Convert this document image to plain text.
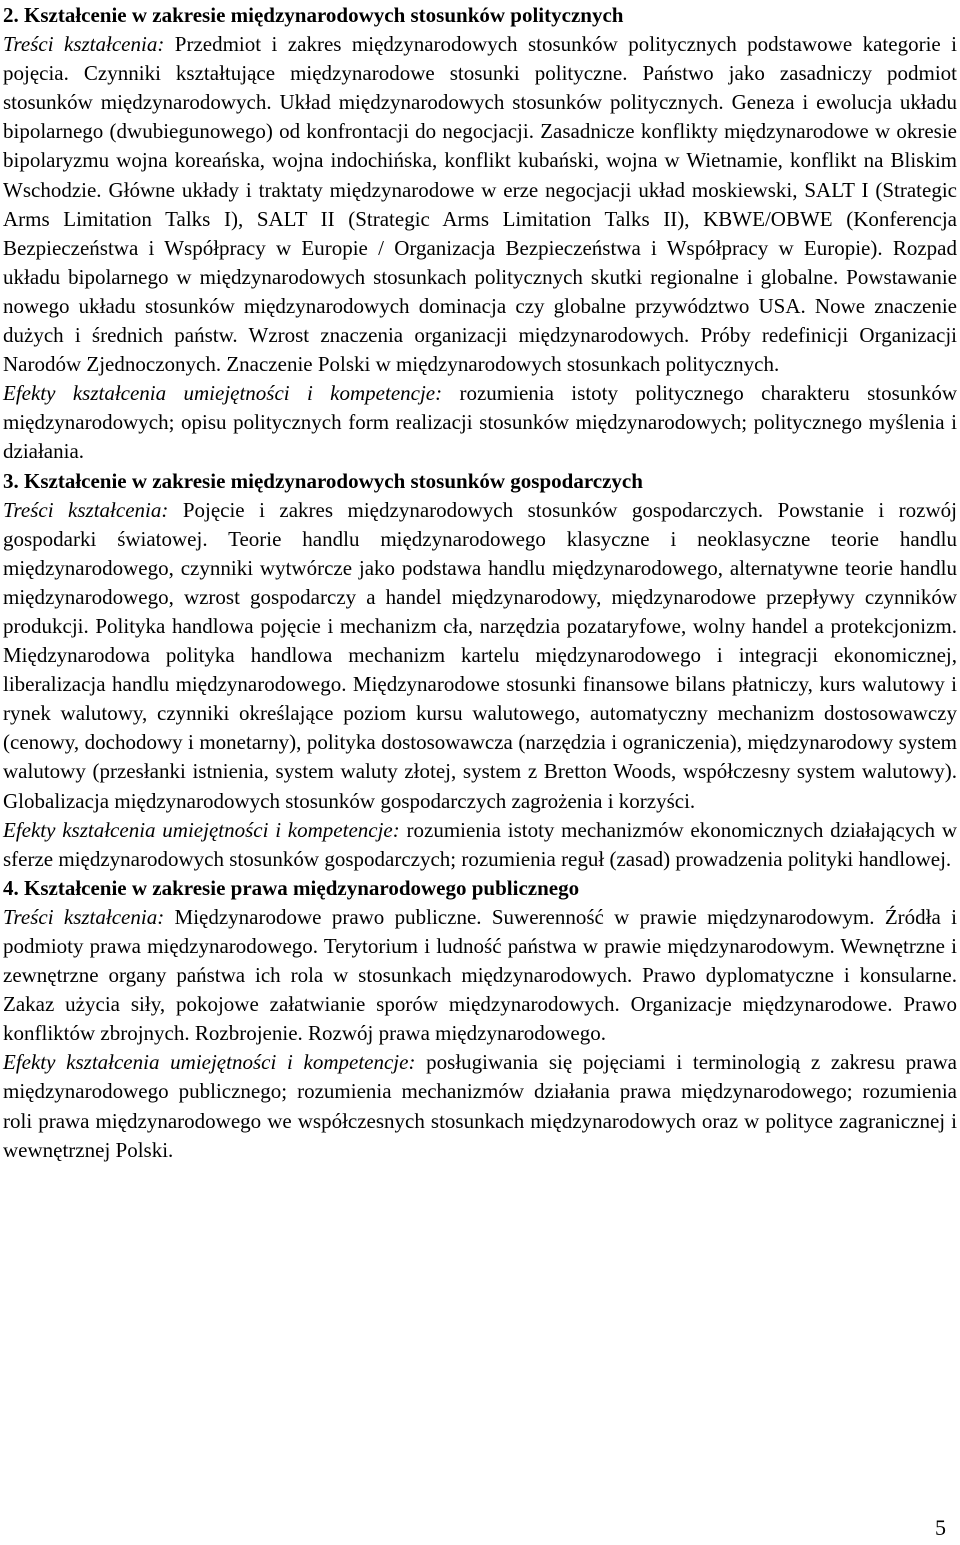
2. Kształcenie w zakresie międzynarodowych stosunków politycznych

Treści kształcenia: Przedmiot i zakres międzynarodowych stosunków politycznych podstawowe kategorie i pojęcia. Czynniki kształtujące międzynarodowe stosunki polityczne. Państwo jako zasadniczy podmiot stosunków międzynarodowych. Układ międzynarodowych stosunków politycznych. Geneza i ewolucja układu bipolarnego (dwubiegunowego) od konfrontacji do negocjacji. Zasadnicze konflikty międzynarodowe w okresie bipolaryzmu wojna koreańska, wojna indochińska, konflikt kubański, wojna w Wietnamie, konflikt na Bliskim Wschodzie. Główne układy i traktaty międzynarodowe w erze negocjacji układ moskiewski, SALT I (Strategic Arms Limitation Talks I), SALT II (Strategic Arms Limitation Talks II), KBWE/OBWE (Konferencja Bezpieczeństwa i Współpracy w Europie / Organizacja Bezpieczeństwa i Współpracy w Europie). Rozpad układu bipolarnego w międzynarodowych stosunkach politycznych skutki regionalne i globalne. Powstawanie nowego układu stosunków międzynarodowych dominacja czy globalne przywództwo USA. Nowe znaczenie dużych i średnich państw. Wzrost znaczenia organizacji międzynarodowych. Próby redefinicji Organizacji Narodów Zjednoczonych. Znaczenie Polski w międzynarodowych stosunkach politycznych.

Efekty kształcenia umiejętności i kompetencje: rozumienia istoty politycznego charakteru stosunków międzynarodowych; opisu politycznych form realizacji stosunków międzynarodowych; politycznego myślenia i działania.

3. Kształcenie w zakresie międzynarodowych stosunków gospodarczych

Treści kształcenia: Pojęcie i zakres międzynarodowych stosunków gospodarczych. Powstanie i rozwój gospodarki światowej. Teorie handlu międzynarodowego klasyczne i neoklasyczne teorie handlu międzynarodowego, czynniki wytwórcze jako podstawa handlu międzynarodowego, alternatywne teorie handlu międzynarodowego, wzrost gospodarczy a handel międzynarodowy, międzynarodowe przepływy czynników produkcji. Polityka handlowa pojęcie i mechanizm cła, narzędzia pozataryfowe, wolny handel a protekcjonizm. Międzynarodowa polityka handlowa mechanizm kartelu międzynarodowego i integracji ekonomicznej, liberalizacja handlu międzynarodowego. Międzynarodowe stosunki finansowe bilans płatniczy, kurs walutowy i rynek walutowy, czynniki określające poziom kursu walutowego, automatyczny mechanizm dostosowawczy (cenowy, dochodowy i monetarny), polityka dostosowawcza (narzędzia i ograniczenia), międzynarodowy system walutowy (przesłanki istnienia, system waluty złotej, system z Bretton Woods, współczesny system walutowy). Globalizacja międzynarodowych stosunków gospodarczych zagrożenia i korzyści.

Efekty kształcenia umiejętności i kompetencje: rozumienia istoty mechanizmów ekonomicznych działających w sferze międzynarodowych stosunków gospodarczych; rozumienia reguł (zasad) prowadzenia polityki handlowej.

4. Kształcenie w zakresie prawa międzynarodowego publicznego

Treści kształcenia: Międzynarodowe prawo publiczne. Suwerenność w prawie międzynarodowym. Źródła i podmioty prawa międzynarodowego. Terytorium i ludność państwa w prawie międzynarodowym. Wewnętrzne i zewnętrzne organy państwa ich rola w stosunkach międzynarodowych. Prawo dyplomatyczne i konsularne. Zakaz użycia siły, pokojowe załatwianie sporów międzynarodowych. Organizacje międzynarodowe. Prawo konfliktów zbrojnych. Rozbrojenie. Rozwój prawa międzynarodowego.

Efekty kształcenia umiejętności i kompetencje: posługiwania się pojęciami i terminologią z zakresu prawa międzynarodowego publicznego; rozumienia mechanizmów działania prawa międzynarodowego; rozumienia roli prawa międzynarodowego we współczesnych stosunkach międzynarodowych oraz w polityce zagranicznej i wewnętrznej Polski.

5
